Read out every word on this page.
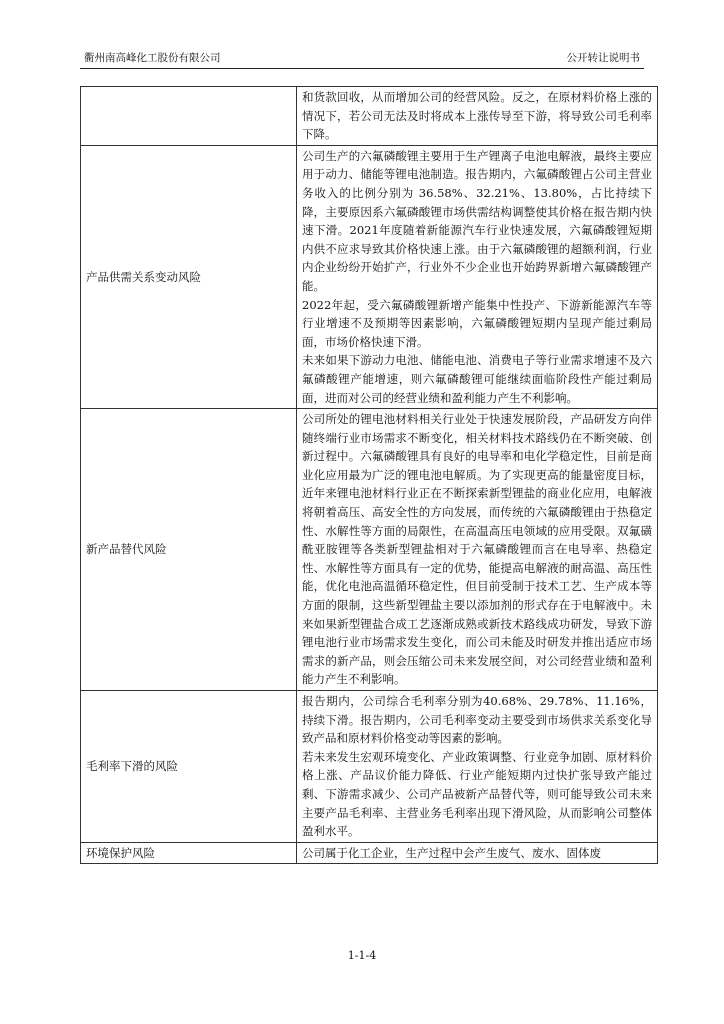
衢州南高峰化工股份有限公司	公开转让说明书

	和货款回收，从而增加公司的经营风险。反之，在原材料价格上涨的情况下，若公司无法及时将成本上涨传导至下游，将导致公司毛利率下降。

产品供需关系变动风险	公司生产的六氟磷酸锂主要用于生产锂离子电池电解液，最终主要应用于动力、储能等锂电池制造。报告期内，六氟磷酸锂占公司主营业务收入的比例分别为 36.58%、32.21%、13.80%，占比持续下降，主要原因系六氟磷酸锂市场供需结构调整使其价格在报告期内快速下滑。2021年度随着新能源汽车行业快速发展，六氟磷酸锂短期内供不应求导致其价格快速上涨。由于六氟磷酸锂的超额利润，行业内企业纷纷开始扩产，行业外不少企业也开始跨界新增六氟磷酸锂产能。

2022年起，受六氟磷酸锂新增产能集中性投产、下游新能源汽车等行业增速不及预期等因素影响，六氟磷酸锂短期内呈现产能过剩局面，市场价格快速下滑。

未来如果下游动力电池、储能电池、消费电子等行业需求增速不及六氟磷酸锂产能增速，则六氟磷酸锂可能继续面临阶段性产能过剩局面，进而对公司的经营业绩和盈利能力产生不利影响。

新产品替代风险	公司所处的锂电池材料相关行业处于快速发展阶段，产品研发方向伴随终端行业市场需求不断变化，相关材料技术路线仍在不断突破、创新过程中。六氟磷酸锂具有良好的电导率和电化学稳定性，目前是商业化应用最为广泛的锂电池电解质。为了实现更高的能量密度目标，近年来锂电池材料行业正在不断探索新型锂盐的商业化应用，电解液将朝着高压、高安全性的方向发展，而传统的六氟磷酸锂由于热稳定性、水解性等方面的局限性，在高温高压电领域的应用受限。双氟磺酰亚胺锂等各类新型锂盐相对于六氟磷酸锂而言在电导率、热稳定性、水解性等方面具有一定的优势，能提高电解液的耐高温、高压性能，优化电池高温循环稳定性，但目前受制于技术工艺、生产成本等方面的限制，这些新型锂盐主要以添加剂的形式存在于电解液中。未来如果新型锂盐合成工艺逐渐成熟或新技术路线成功研发，导致下游锂电池行业市场需求发生变化，而公司未能及时研发并推出适应市场需求的新产品，则会压缩公司未来发展空间，对公司经营业绩和盈利能力产生不利影响。

毛利率下滑的风险	报告期内，公司综合毛利率分别为40.68%、29.78%、11.16%，持续下滑。报告期内，公司毛利率变动主要受到市场供求关系变化导致产品和原材料价格变动等因素的影响。

若未来发生宏观环境变化、产业政策调整、行业竞争加剧、原材料价格上涨、产品议价能力降低、行业产能短期内过快扩张导致产能过剩、下游需求减少、公司产品被新产品替代等，则可能导致公司未来主要产品毛利率、主营业务毛利率出现下滑风险，从而影响公司整体盈利水平。

环境保护风险	公司属于化工企业，生产过程中会产生废气、废水、固体废

1-1-4
